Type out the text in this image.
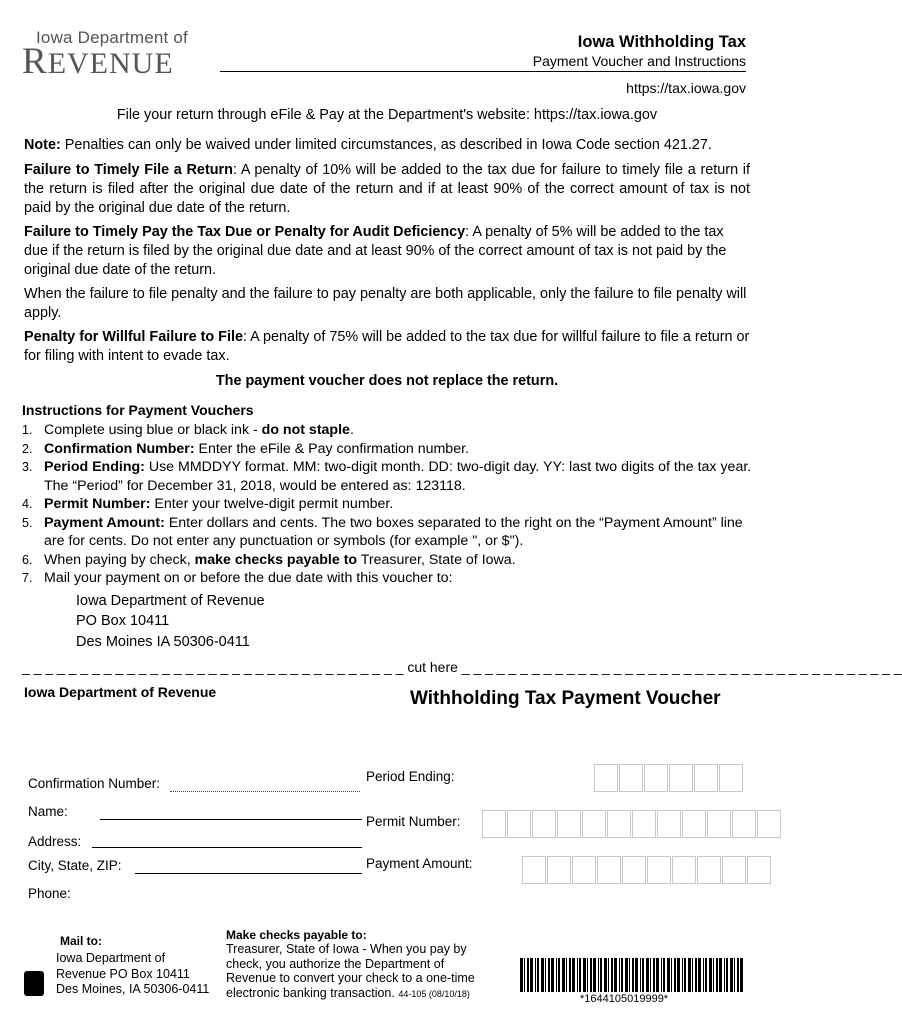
Iowa Department of
REVENUE
Iowa Withholding Tax
Payment Voucher and Instructions
https://tax.iowa.gov
File your return through eFile & Pay at the Department's website: https://tax.iowa.gov
Note: Penalties can only be waived under limited circumstances, as described in Iowa Code section 421.27.
Failure to Timely File a Return: A penalty of 10% will be added to the tax due for failure to timely file a return if the return is filed after the original due date of the return and if at least 90% of the correct amount of tax is not paid by the original due date of the return.
Failure to Timely Pay the Tax Due or Penalty for Audit Deficiency: A penalty of 5% will be added to the tax due if the return is filed by the original due date and at least 90% of the correct amount of tax is not paid by the original due date of the return.
When the failure to file penalty and the failure to pay penalty are both applicable, only the failure to file penalty will apply.
Penalty for Willful Failure to File: A penalty of 75% will be added to the tax due for willful failure to file a return or for filing with intent to evade tax.
The payment voucher does not replace the return.
Instructions for Payment Vouchers
1. Complete using blue or black ink - do not staple.
2. Confirmation Number: Enter the eFile & Pay confirmation number.
3. Period Ending: Use MMDDYY format. MM: two-digit month. DD: two-digit day. YY: last two digits of the tax year. The “Period” for December 31, 2018, would be entered as: 123118.
4. Permit Number: Enter your twelve-digit permit number.
5. Payment Amount: Enter dollars and cents. The two boxes separated to the right on the “Payment Amount” line are for cents. Do not enter any punctuation or symbols (for example ", or $").
6. When paying by check, make checks payable to Treasurer, State of Iowa.
7. Mail your payment on or before the due date with this voucher to:
Iowa Department of Revenue
PO Box 10411
Des Moines IA 50306-0411
_ _ _ _ _ _ _ _ _ _ _ _ _ _ _ _ _ _ _ _ _ _ _ _ _ _ _ _ _ _ _ _ _ cut here _ _ _ _ _ _ _ _ _ _ _ _ _ _ _ _ _ _ _ _ _ _ _ _ _ _ _ _ _ _ _ _ _ _ _ _ _ _
Iowa Department of Revenue	Withholding Tax Payment Voucher
Confirmation Number:
Name:
Address:
City, State, ZIP:
Phone:
Period Ending:
Permit Number:
Payment Amount:
Mail to:
Iowa Department of
Revenue PO Box 10411
Des Moines, IA 50306-0411
Make checks payable to:
Treasurer, State of Iowa - When you pay by check, you authorize the Department of Revenue to convert your check to a one-time electronic banking transaction. 44-105 (08/10/18)	*1644105019999*
